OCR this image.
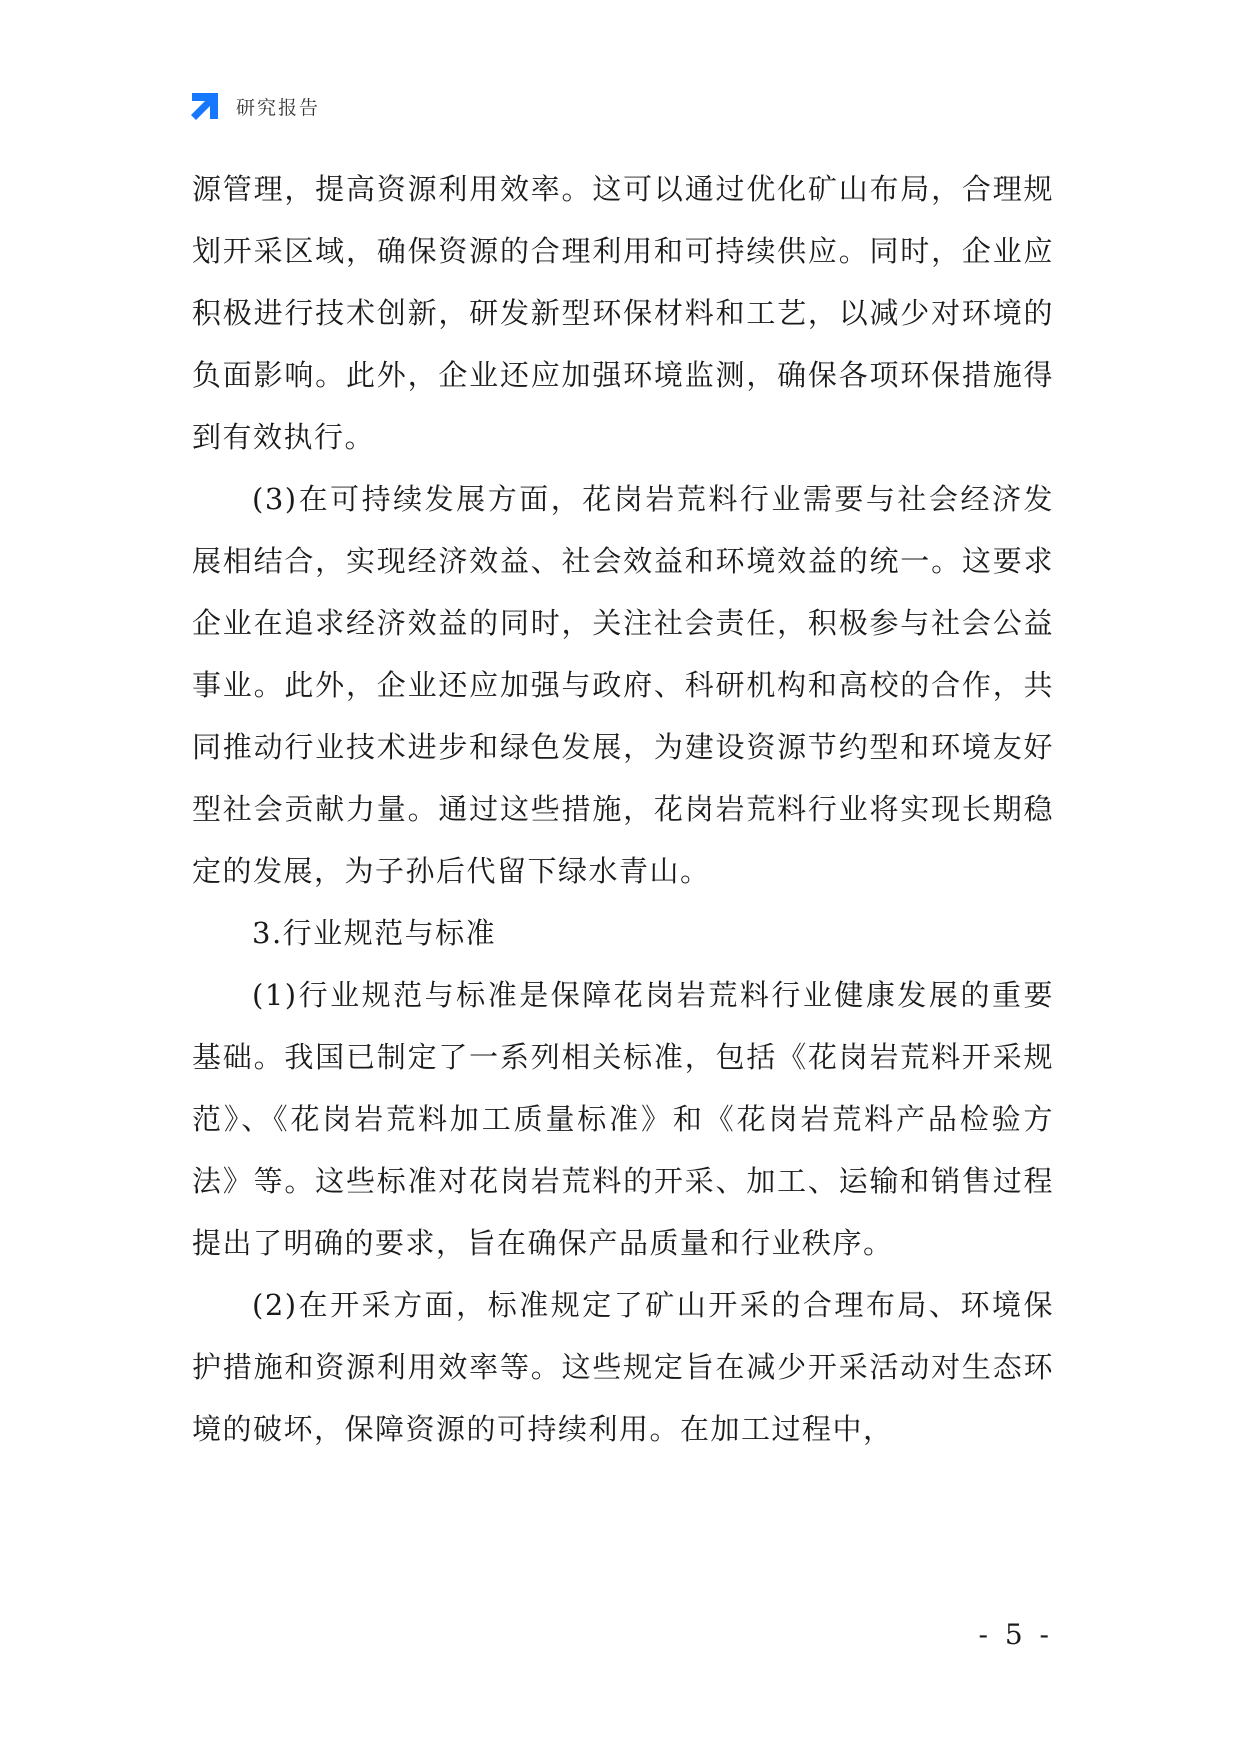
研究报告

源管理，提高资源利用效率。这可以通过优化矿山布局，合理规划开采区域，确保资源的合理利用和可持续供应。同时，企业应积极进行技术创新，研发新型环保材料和工艺，以减少对环境的负面影响。此外，企业还应加强环境监测，确保各项环保措施得到有效执行。

(3)在可持续发展方面，花岗岩荒料行业需要与社会经济发展相结合，实现经济效益、社会效益和环境效益的统一。这要求企业在追求经济效益的同时，关注社会责任，积极参与社会公益事业。此外，企业还应加强与政府、科研机构和高校的合作，共同推动行业技术进步和绿色发展，为建设资源节约型和环境友好型社会贡献力量。通过这些措施，花岗岩荒料行业将实现长期稳定的发展，为子孙后代留下绿水青山。

3.行业规范与标准

(1)行业规范与标准是保障花岗岩荒料行业健康发展的重要基础。我国已制定了一系列相关标准，包括《花岗岩荒料开采规范》、《花岗岩荒料加工质量标准》和《花岗岩荒料产品检验方法》等。这些标准对花岗岩荒料的开采、加工、运输和销售过程提出了明确的要求，旨在确保产品质量和行业秩序。

(2)在开采方面，标准规定了矿山开采的合理布局、环境保护措施和资源利用效率等。这些规定旨在减少开采活动对生态环境的破坏，保障资源的可持续利用。在加工过程中，

- 5 -
